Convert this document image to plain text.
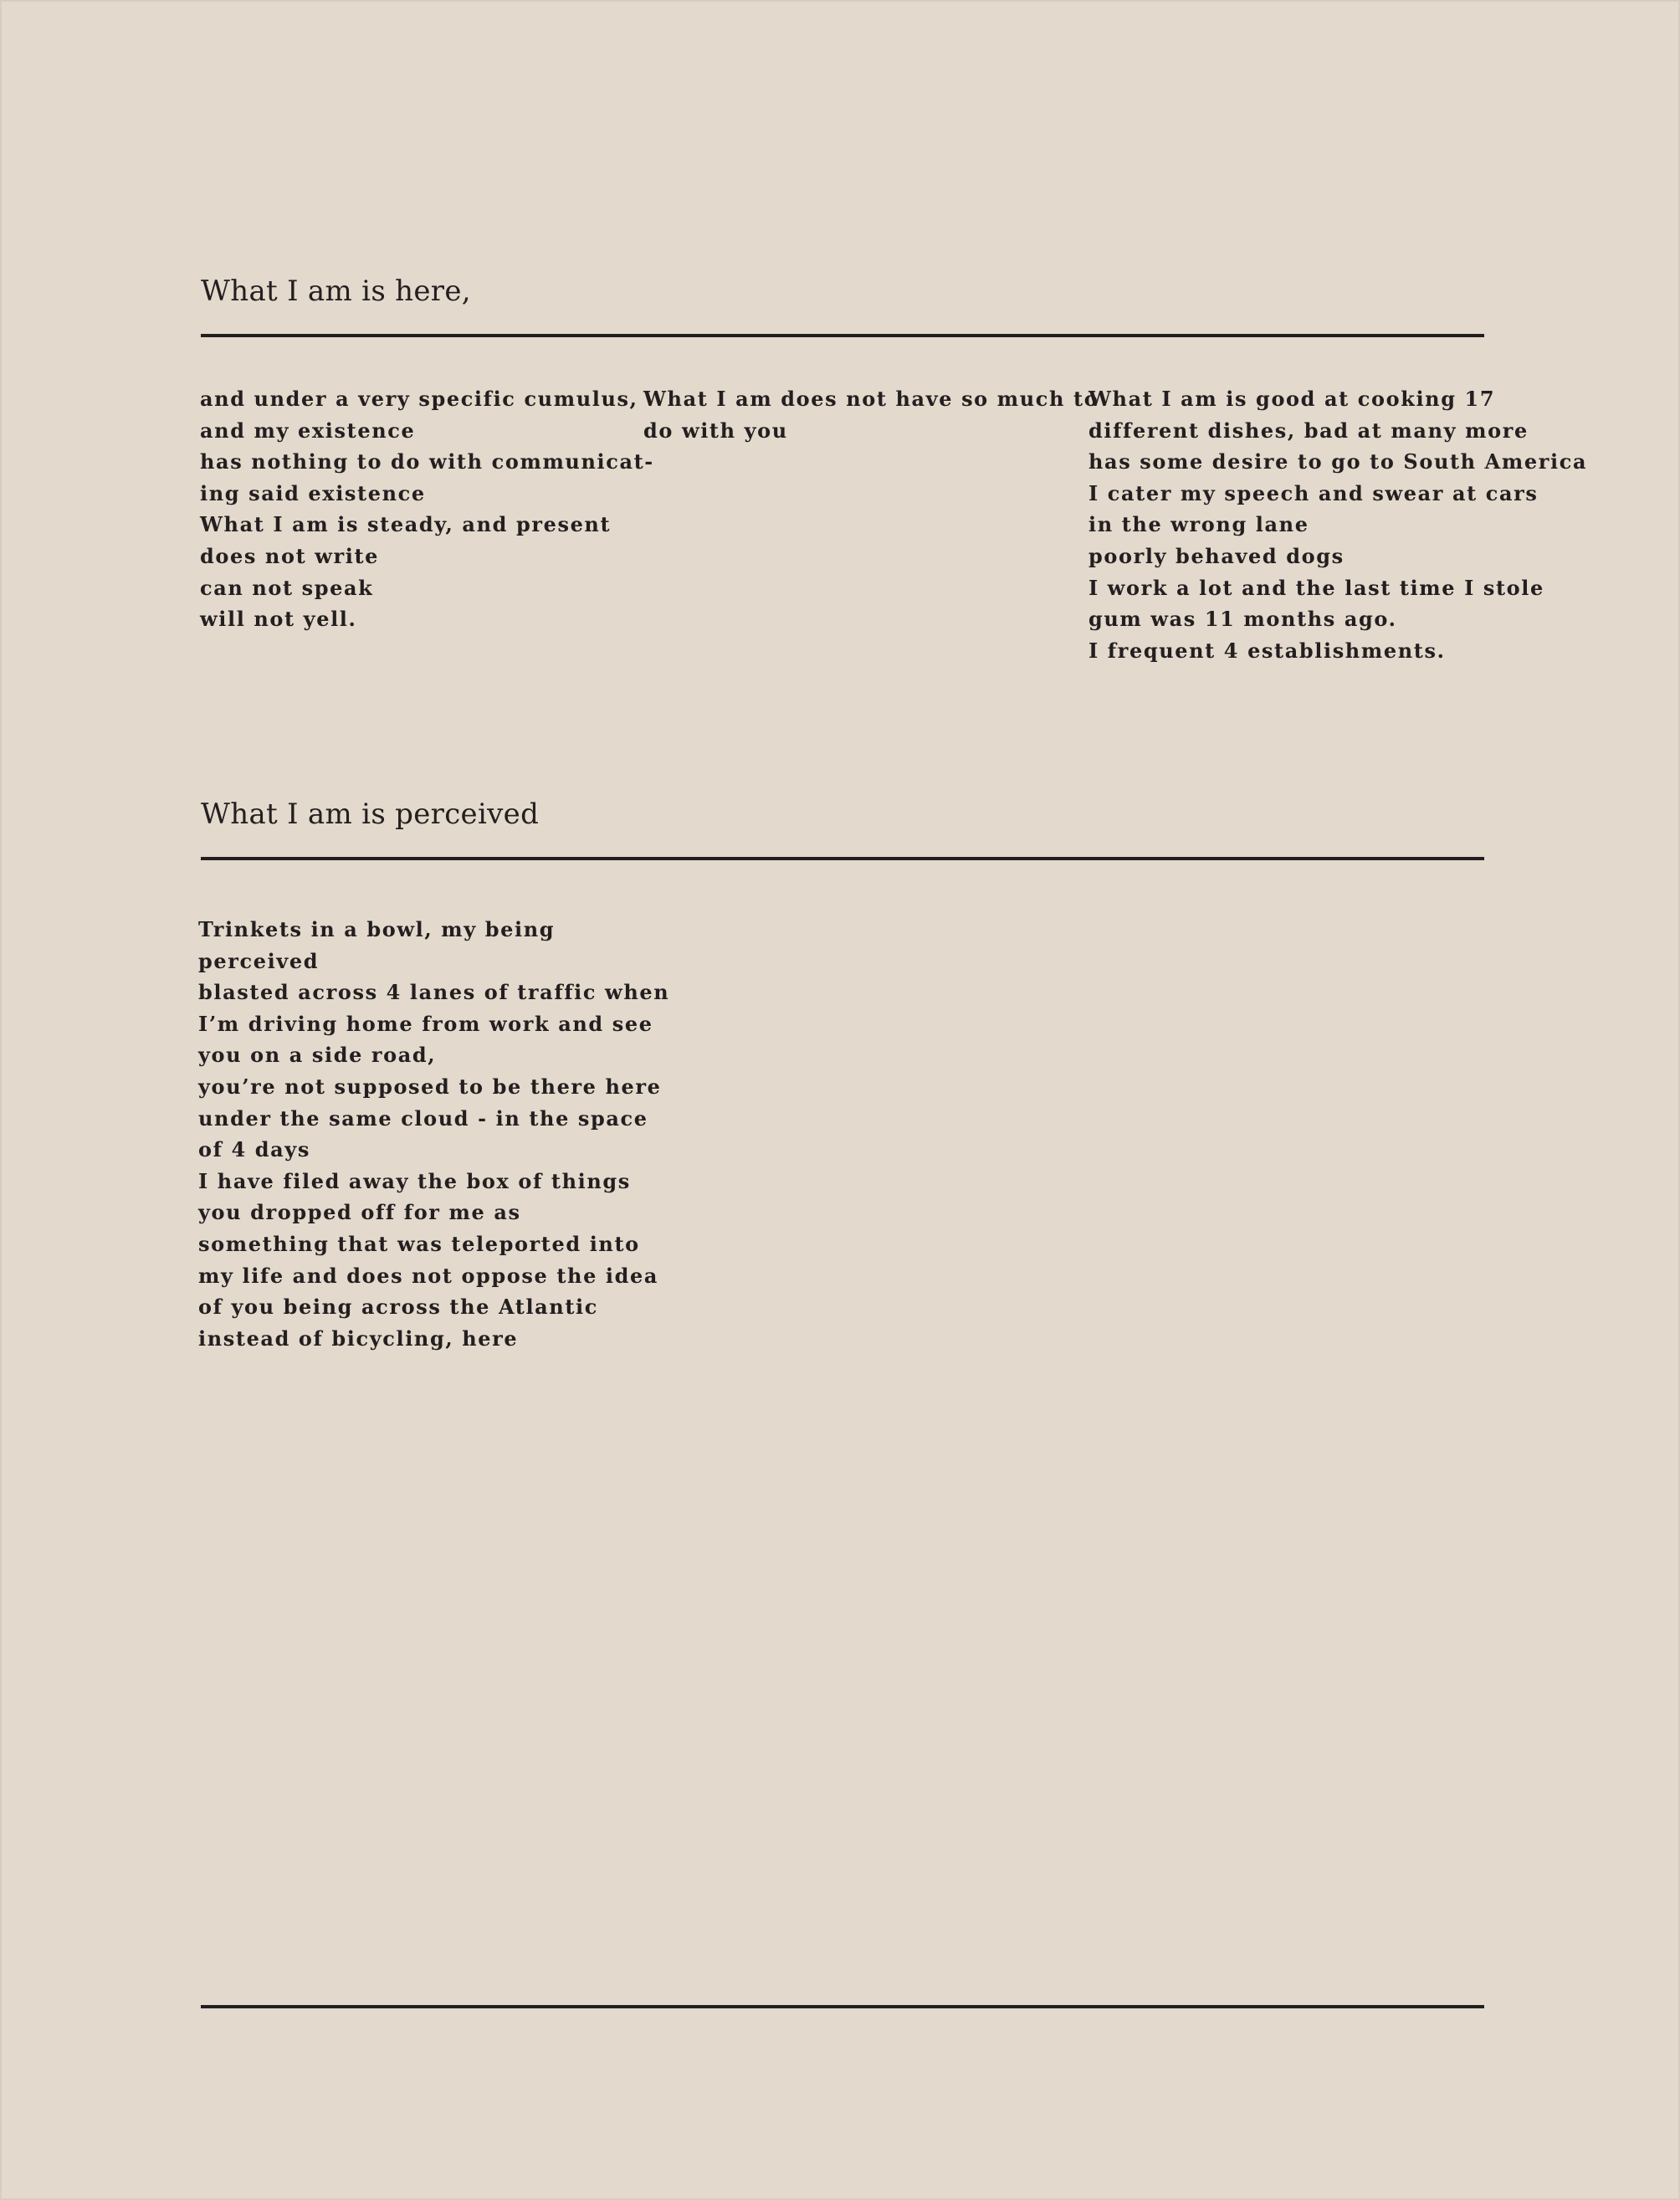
What I am is here,
and under a very specific cumulus,
and my existence
has nothing to do with communicat-
ing said existence
What I am is steady, and present
does not write
can not speak
will not yell.
What I am does not have so much to
do with you
What I am is good at cooking 17
different dishes, bad at many more
has some desire to go to South America
I cater my speech and swear at cars
in the wrong lane
poorly behaved dogs
I work a lot and the last time I stole
gum was 11 months ago.
I frequent 4 establishments.
What I am is perceived
Trinkets in a bowl, my being
perceived
blasted across 4 lanes of traffic when
I’m driving home from work and see
you on a side road,
you’re not supposed to be there here
under the same cloud - in the space
of 4 days
I have filed away the box of things
you dropped off for me as
something that was teleported into
my life and does not oppose the idea
of you being across the Atlantic
instead of bicycling, here
